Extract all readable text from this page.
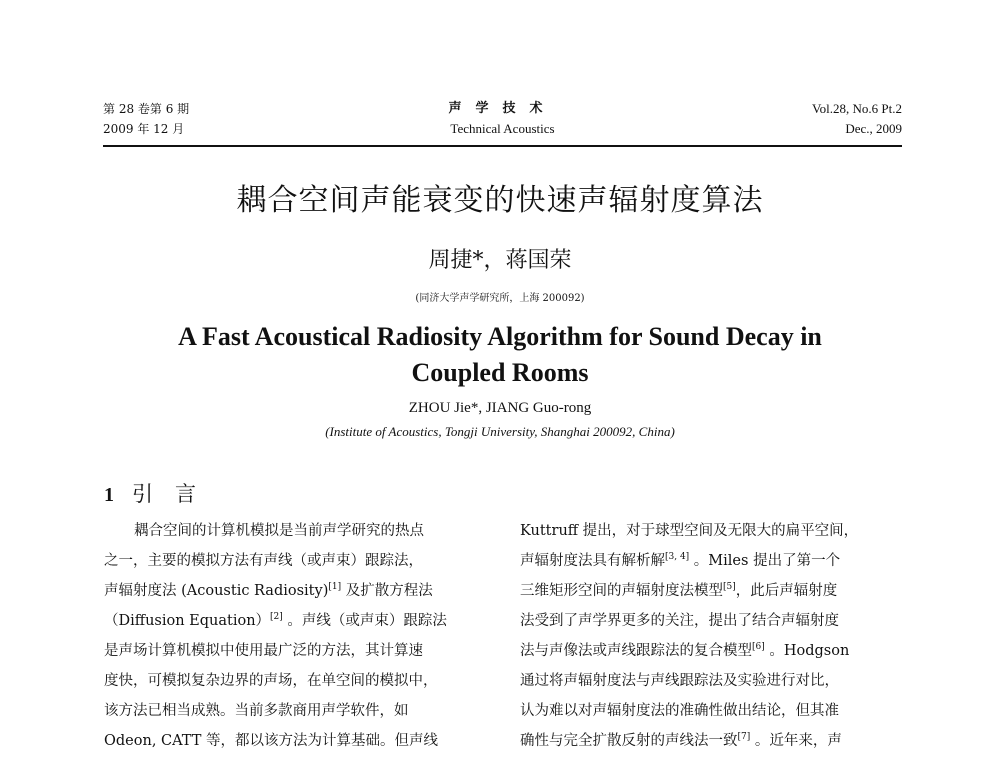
第 28 卷第 6 期
2009 年 12 月
声学技术
Technical Acoustics
Vol.28, No.6 Pt.2
Dec., 2009
耦合空间声能衰变的快速声辐射度算法
周捷*，蒋国荣
(同济大学声学研究所，上海 200092)
A Fast Acoustical Radiosity Algorithm for Sound Decay in Coupled Rooms
ZHOU Jie*, JIANG Guo-rong
(Institute of Acoustics, Tongji University, Shanghai 200092, China)
1 引言
耦合空间的计算机模拟是当前声学研究的热点
之一，主要的模拟方法有声线（或声束）跟踪法，
声辐射度法 (Acoustic Radiosity)[1] 及扩散方程法
（Diffusion Equation）[2] 。声线（或声束）跟踪法
是声场计算机模拟中使用最广泛的方法，其计算速
度快，可模拟复杂边界的声场，在单空间的模拟中，
该方法已相当成熟。当前多款商用声学软件，如
Odeon, CATT 等，都以该方法为计算基础。但声线
Kuttruff 提出，对于球型空间及无限大的扁平空间，
声辐射度法具有解析解[3, 4] 。Miles 提出了第一个
三维矩形空间的声辐射度法模型[5]，此后声辐射度
法受到了声学界更多的关注，提出了结合声辐射度
法与声像法或声线跟踪法的复合模型[6] 。Hodgson
通过将声辐射度法与声线跟踪法及实验进行对比，
认为难以对声辐射度法的准确性做出结论，但其准
确性与完全扩散反射的声线法一致[7] 。近年来，声
